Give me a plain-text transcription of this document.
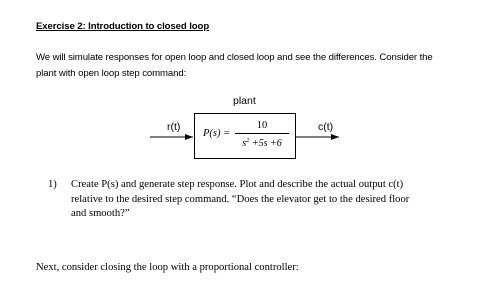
Exercise 2: Introduction to closed loop
We will simulate responses for open loop and closed loop and see the differences. Consider the
plant with open loop step command:
plant
r(t)	c(t)
P(s) =
10
$s^2 +5s +6$
1) Create P(s) and generate step response. Plot and describe the actual output c(t)
relative to the desired step command. “Does the elevator get to the desired floor
and smooth?”
Next, consider closing the loop with a proportional controller:
